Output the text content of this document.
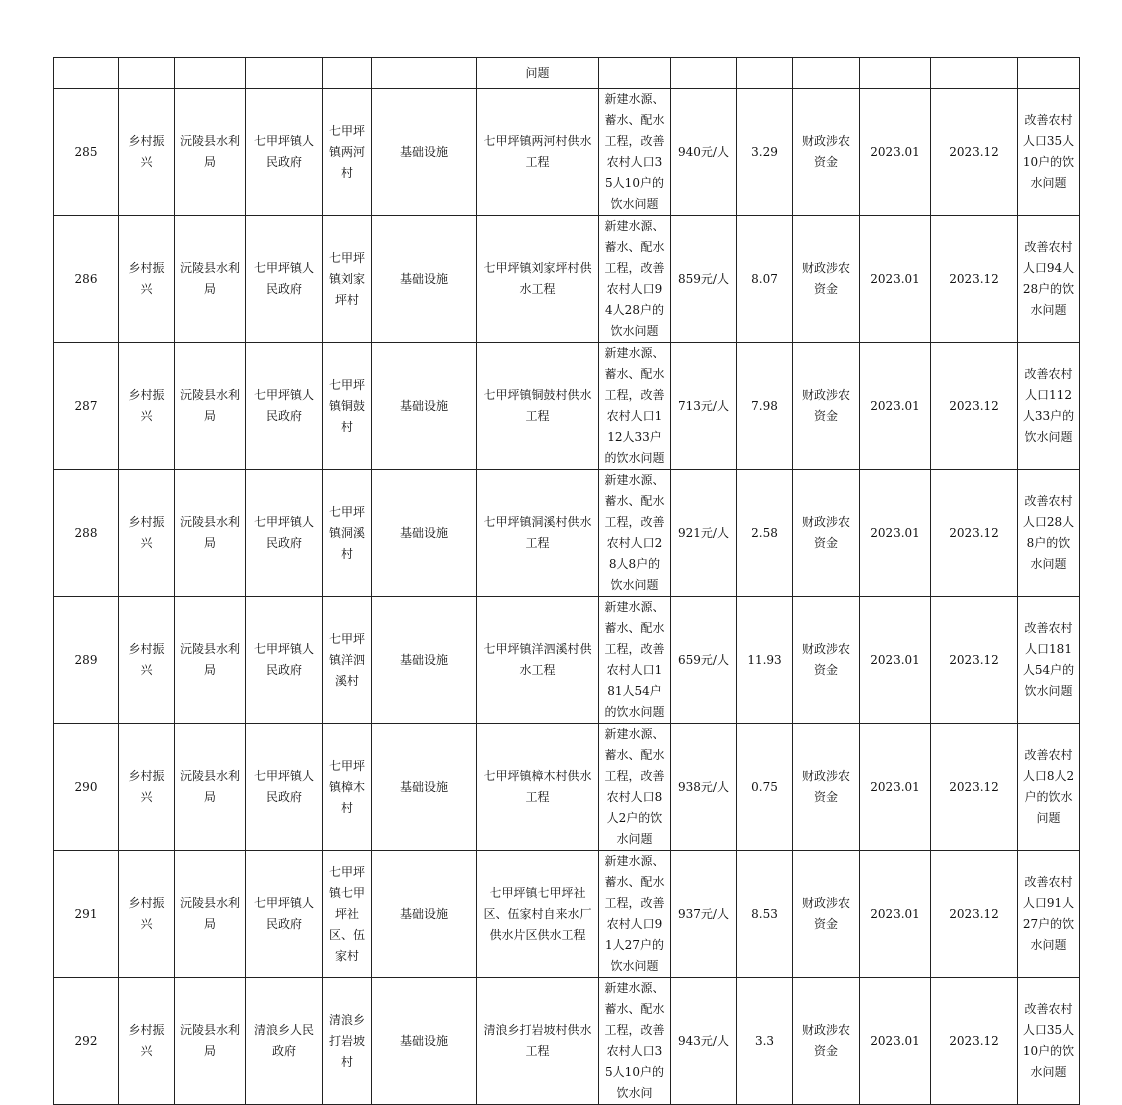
						问题								
285	乡村振兴	沅陵县水利局	七甲坪镇人民政府	七甲坪镇两河村	基础设施	七甲坪镇两河村供水工程	新建水源、蓄水、配水工程，改善农村人口35人10户的饮水问题	940元/人	3.29	财政涉农资金	2023.01	2023.12	改善农村人口35人10户的饮水问题	
286	乡村振兴	沅陵县水利局	七甲坪镇人民政府	七甲坪镇刘家坪村	基础设施	七甲坪镇刘家坪村供水工程	新建水源、蓄水、配水工程，改善农村人口94人28户的饮水问题	859元/人	8.07	财政涉农资金	2023.01	2023.12	改善农村人口94人28户的饮水问题	
287	乡村振兴	沅陵县水利局	七甲坪镇人民政府	七甲坪镇铜鼓村	基础设施	七甲坪镇铜鼓村供水工程	新建水源、蓄水、配水工程，改善农村人口112人33户的饮水问题	713元/人	7.98	财政涉农资金	2023.01	2023.12	改善农村人口112人33户的饮水问题	
288	乡村振兴	沅陵县水利局	七甲坪镇人民政府	七甲坪镇洞溪村	基础设施	七甲坪镇洞溪村供水工程	新建水源、蓄水、配水工程，改善农村人口28人8户的饮水问题	921元/人	2.58	财政涉农资金	2023.01	2023.12	改善农村人口28人8户的饮水问题	
289	乡村振兴	沅陵县水利局	七甲坪镇人民政府	七甲坪镇洋泗溪村	基础设施	七甲坪镇洋泗溪村供水工程	新建水源、蓄水、配水工程，改善农村人口181人54户的饮水问题	659元/人	11.93	财政涉农资金	2023.01	2023.12	改善农村人口181人54户的饮水问题	
290	乡村振兴	沅陵县水利局	七甲坪镇人民政府	七甲坪镇樟木村	基础设施	七甲坪镇樟木村供水工程	新建水源、蓄水、配水工程，改善农村人口8人2户的饮水问题	938元/人	0.75	财政涉农资金	2023.01	2023.12	改善农村人口8人2户的饮水问题	
291	乡村振兴	沅陵县水利局	七甲坪镇人民政府	七甲坪镇七甲坪社区、伍家村	基础设施	七甲坪镇七甲坪社区、伍家村自来水厂供水片区供水工程	新建水源、蓄水、配水工程，改善农村人口91人27户的饮水问题	937元/人	8.53	财政涉农资金	2023.01	2023.12	改善农村人口91人27户的饮水问题	
292	乡村振兴	沅陵县水利局	清浪乡人民政府	清浪乡打岩坡村	基础设施	清浪乡打岩坡村供水工程	新建水源、蓄水、配水工程，改善农村人口35人10户的饮水问	943元/人	3.3	财政涉农资金	2023.01	2023.12	改善农村人口35人10户的饮水问题	
